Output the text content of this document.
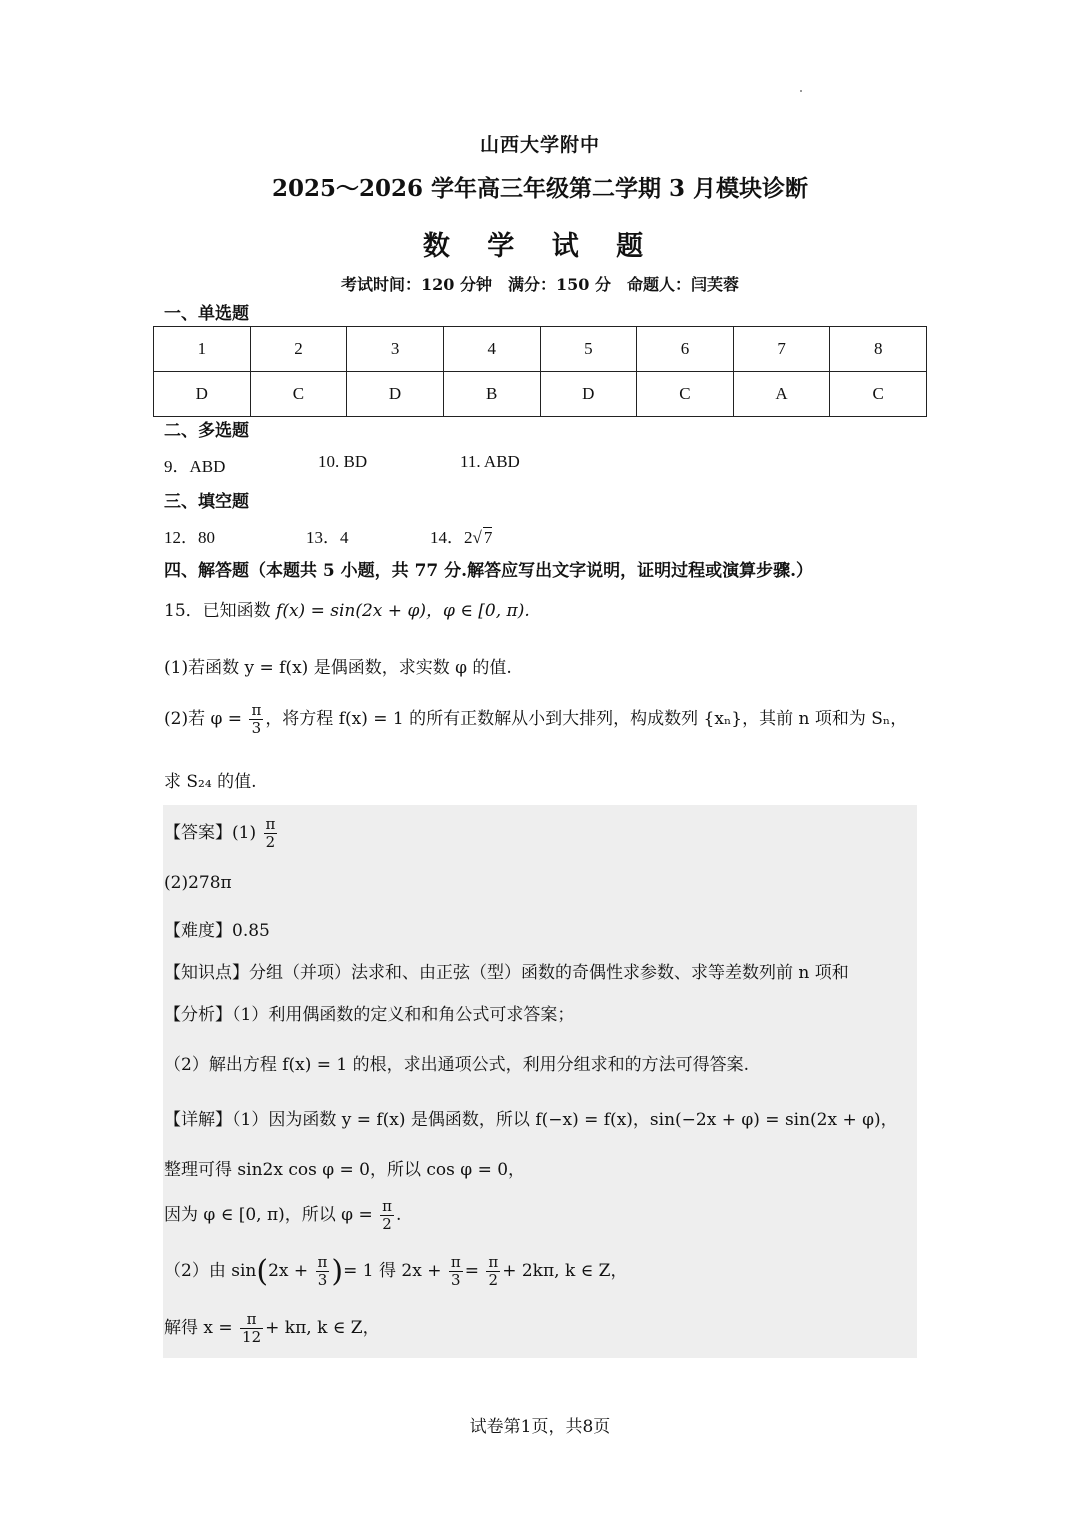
山西大学附中
2025～2026 学年高三年级第二学期 3 月模块诊断
数 学 试 题
考试时间：120 分钟　满分：150 分　命题人：闫芙蓉
一、单选题
1	2	3	4	5	6	7	8
D	C	D	B	D	C	A	C
二、多选题
9．ABD	10. BD	11. ABD
三、填空题
12．80	13．4	14．2√ 7
四、解答题（本题共 5 小题，共 77 分.解答应写出文字说明，证明过程或演算步骤.）
15．已知函数 f(x) = sin(2x + φ)，φ ∈ [0, π).
(1)若函数 y = f(x) 是偶函数，求实数 φ 的值.
(2)若 $\varphi = \frac{\pi}{3}$ ，将方程 f(x) = 1 的所有正数解从小到大排列，构成数列 {xₙ}，其前 n 项和为 Sₙ，
求 S₂₄ 的值.
【答案】$(1) \frac{\pi}{2}$
(2)278π
【难度】0.85
【知识点】分组（并项）法求和、由正弦（型）函数的奇偶性求参数、求等差数列前 n 项和
【分析】（1）利用偶函数的定义和和角公式可求答案；
（2）解出方程 f(x) = 1 的根，求出通项公式，利用分组求和的方法可得答案.
【详解】（1）因为函数 y = f(x) 是偶函数，所以 f(−x) = f(x)，sin(−2x + φ) = sin(2x + φ)，
整理可得 sin2x cos φ = 0，所以 cos φ = 0，
因为 φ ∈ [0, π)，所以 $\varphi = \frac{\pi}{2}$ .
（2）由 $\sin(2x + \frac{\pi}{3}$ )= 1 得 $2x + \frac{\pi}{3} = \frac{\pi}{2} + 2k\pi$, k ∈ Z，
解得 $x = \frac{\pi}{12} + k\pi$, k ∈ Z，
试卷第1页，共8页
